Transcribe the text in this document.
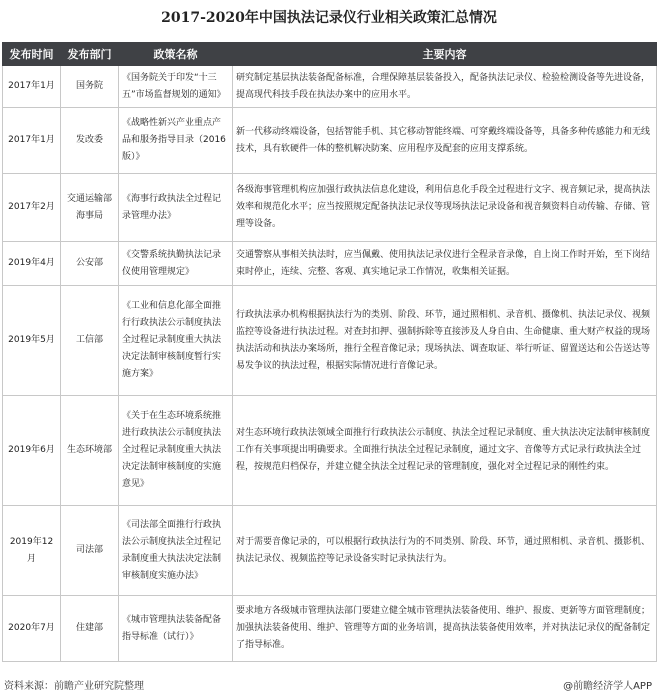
2017-2020年中国执法记录仪行业相关政策汇总情况
发布时间	发布部门	政策名称	主要内容
2017年1月	国务院	《国务院关于印发“十三五”市场监督规划的通知》	研究制定基层执法装备配备标准，合理保障基层装备投入，配备执法记录仪、检验检测设备等先进设备，提高现代科技手段在执法办案中的应用水平。
2017年1月	发改委	《战略性新兴产业重点产品和服务指导目录（2016版）》	新一代移动终端设备，包括智能手机、其它移动智能终端、可穿戴终端设备等，具备多种传感能力和无线技术，具有软硬件一体的整机解决防案、应用程序及配套的应用支撑系统。
2017年2月	交通运输部海事局	《海事行政执法全过程记录管理办法》	各级海事管理机构应加强行政执法信息化建设，利用信息化手段全过程进行文字、视音频记录，提高执法效率和规范化水平；应当按照规定配备执法记录仪等现场执法记录设备和视音频资料自动传输、存储、管理等设备。
2019年4月	公安部	《交警系统执勤执法记录仪使用管理规定》	交通警察从事相关执法时，应当佩戴、使用执法记录仪进行全程录音录像，自上岗工作时开始，至下岗结束时停止，连续、完整、客观、真实地记录工作情况，收集相关证据。
2019年5月	工信部	《工业和信息化部全面推行行政执法公示制度执法全过程记录制度重大执法决定法制审核制度暂行实施方案》	行政执法承办机构根据执法行为的类别、阶段、环节，通过照相机、录音机、摄像机、执法记录仪、视频监控等设备进行执法过程。对查封扣押、强制拆除等直接涉及人身自由、生命健康、重大财产权益的现场执法活动和执法办案场所，推行全程音像记录；现场执法、调查取证、举行听证、留置送达和公告送达等易发争议的执法过程，根据实际情况进行音像记录。
2019年6月	生态环境部	《关于在生态环境系统推进行政执法公示制度执法全过程记录制度重大执法决定法制审核制度的实施意见》	对生态环境行政执法领域全面推行行政执法公示制度、执法全过程记录制度、重大执法决定法制审核制度工作有关事项提出明确要求。全面推行执法全过程记录制度，通过文字、音像等方式记录行政执法全过程，按规范归档保存，并建立健全执法全过程记录的管理制度，强化对全过程记录的刚性约束。
2019年12月	司法部	《司法部全面推行行政执法公示制度执法全过程记录制度重大执法决定法制审核制度实施办法》	对于需要音像记录的，可以根据行政执法行为的不同类别、阶段、环节，通过照相机、录音机、摄影机、执法记录仪、视频监控等记录设备实时记录执法行为。
2020年7月	住建部	《城市管理执法装备配备指导标准（试行）》	要求地方各级城市管理执法部门要建立健全城市管理执法装备使用、维护、报废、更新等方面管理制度；加强执法装备使用、维护、管理等方面的业务培训，提高执法装备使用效率，并对执法记录仪的配备制定了指导标准。
资料来源：前瞻产业研究院整理	@前瞻经济学人APP
